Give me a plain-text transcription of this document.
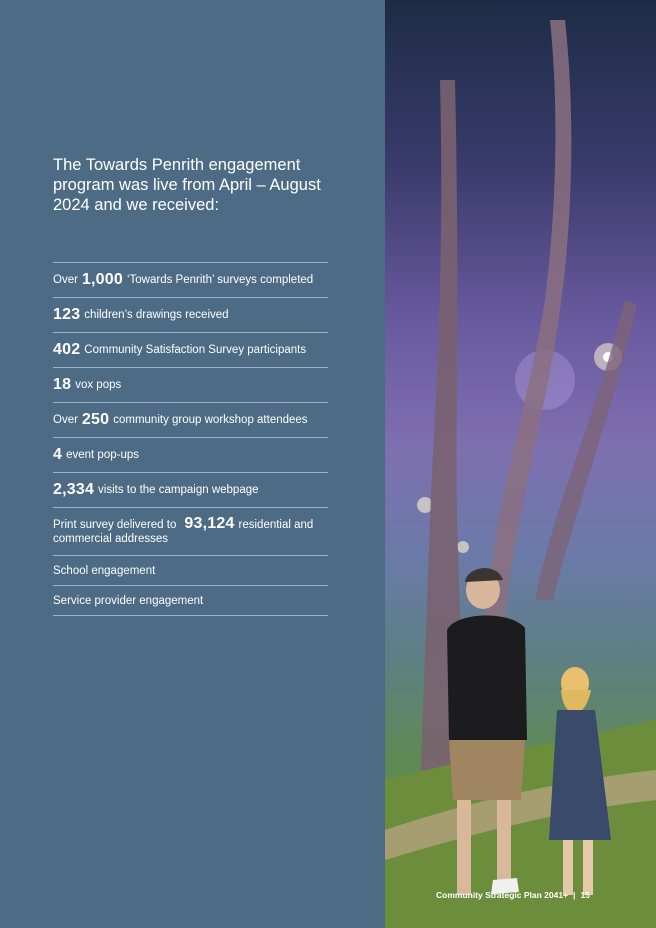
The Towards Penrith engagement program was live from April – August 2024 and we received:
Over 1,000 ‘Towards Penrith’ surveys completed
123 children’s drawings received
402 Community Satisfaction Survey participants
18 vox pops
Over 250 community group workshop attendees
4 event pop-ups
2,334 visits to the campaign webpage
Print survey delivered to 93,124 residential and commercial addresses
School engagement
Service provider engagement
Community Strategic Plan 2041+ | 15
